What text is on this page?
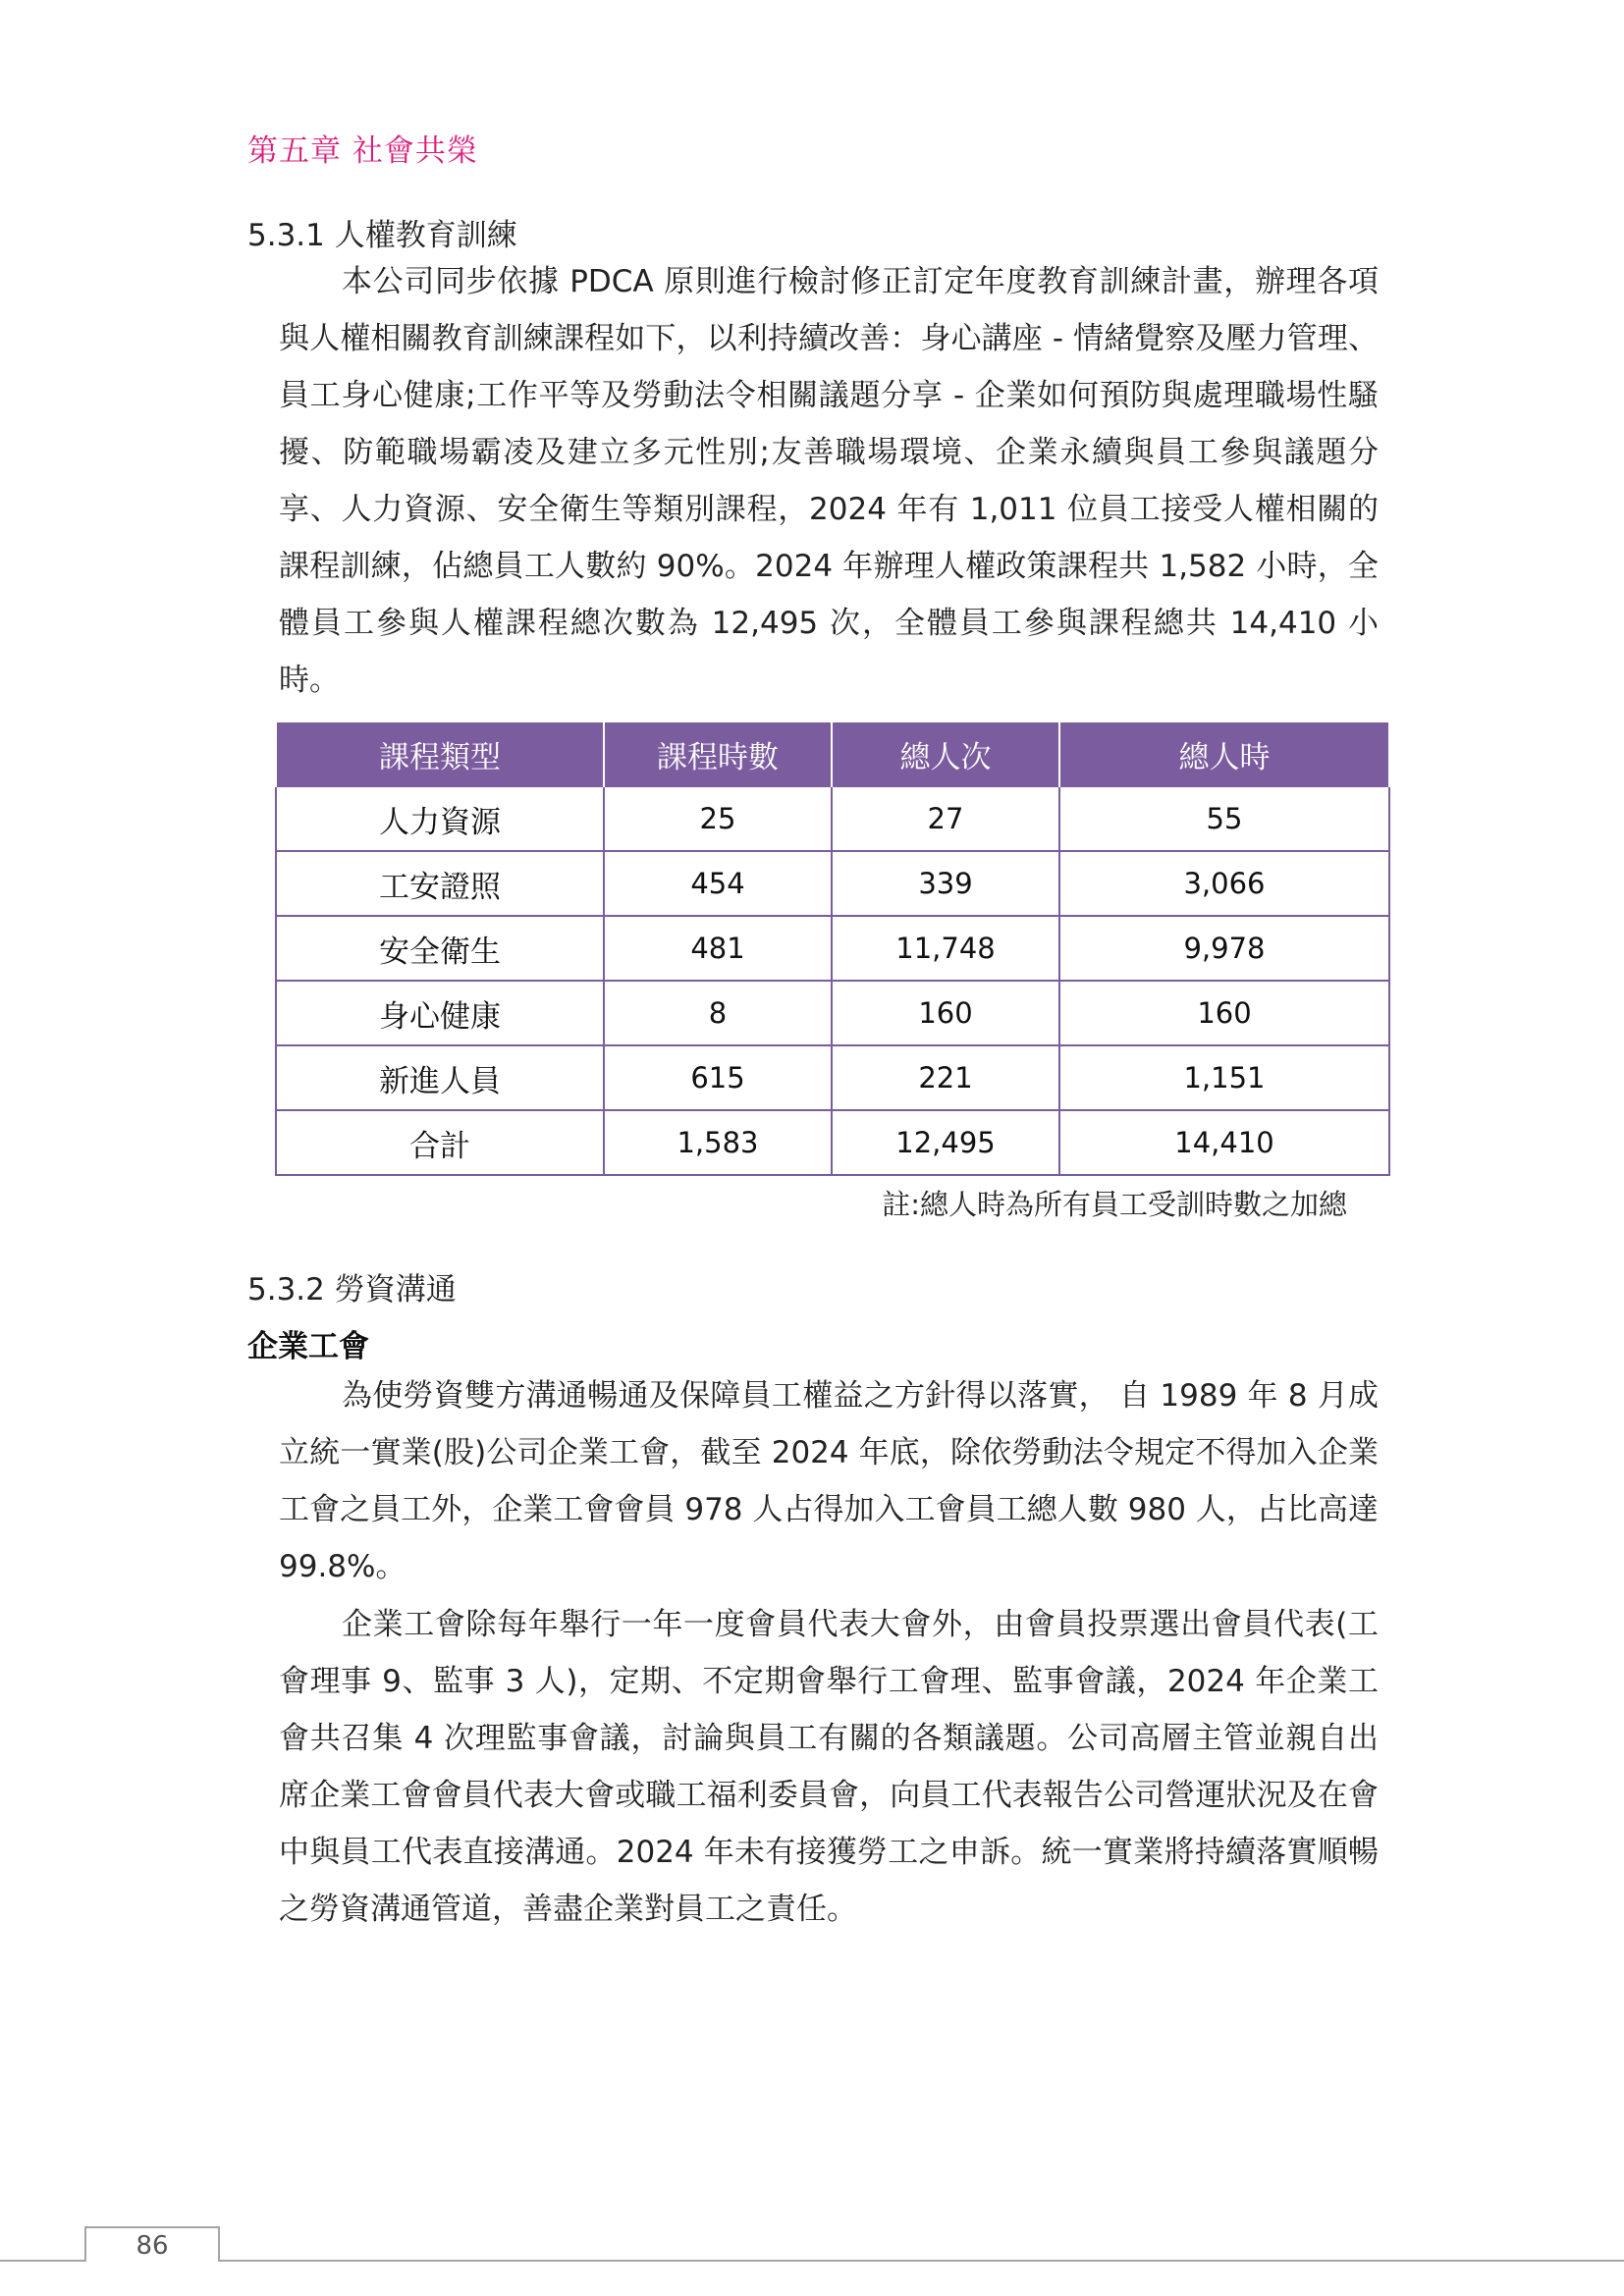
第五章 社會共榮
5.3.1 人權教育訓練

本公司同步依據 PDCA 原則進行檢討修正訂定年度教育訓練計畫，辦理各項與人權相關教育訓練課程如下，以利持續改善：身心講座 - 情緒覺察及壓力管理、員工身心健康;工作平等及勞動法令相關議題分享 - 企業如何預防與處理職場性騷擾、防範職場霸凌及建立多元性別;友善職場環境、企業永續與員工參與議題分享、人力資源、安全衛生等類別課程，2024 年有 1,011 位員工接受人權相關的課程訓練，佔總員工人數約 90%。2024 年辦理人權政策課程共 1,582 小時，全體員工參與人權課程總次數為 12,495 次，全體員工參與課程總共 14,410 小時。

課程類型	課程時數	總人次	總人時
人力資源	25	27	55
工安證照	454	339	3,066
安全衛生	481	11,748	9,978
身心健康	8	160	160
新進人員	615	221	1,151
合計	1,583	12,495	14,410
註:總人時為所有員工受訓時數之加總
5.3.2 勞資溝通
企業工會

為使勞資雙方溝通暢通及保障員工權益之方針得以落實， 自 1989 年 8 月成立統一實業(股)公司企業工會，截至 2024 年底，除依勞動法令規定不得加入企業工會之員工外，企業工會會員 978 人占得加入工會員工總人數 980 人，占比高達 99.8%。

企業工會除每年舉行一年一度會員代表大會外，由會員投票選出會員代表(工會理事 9、監事 3 人)，定期、不定期會舉行工會理、監事會議，2024 年企業工會共召集 4 次理監事會議，討論與員工有關的各類議題。公司高層主管並親自出席企業工會會員代表大會或職工福利委員會，向員工代表報告公司營運狀況及在會中與員工代表直接溝通。2024 年未有接獲勞工之申訴。統一實業將持續落實順暢之勞資溝通管道，善盡企業對員工之責任。

86
